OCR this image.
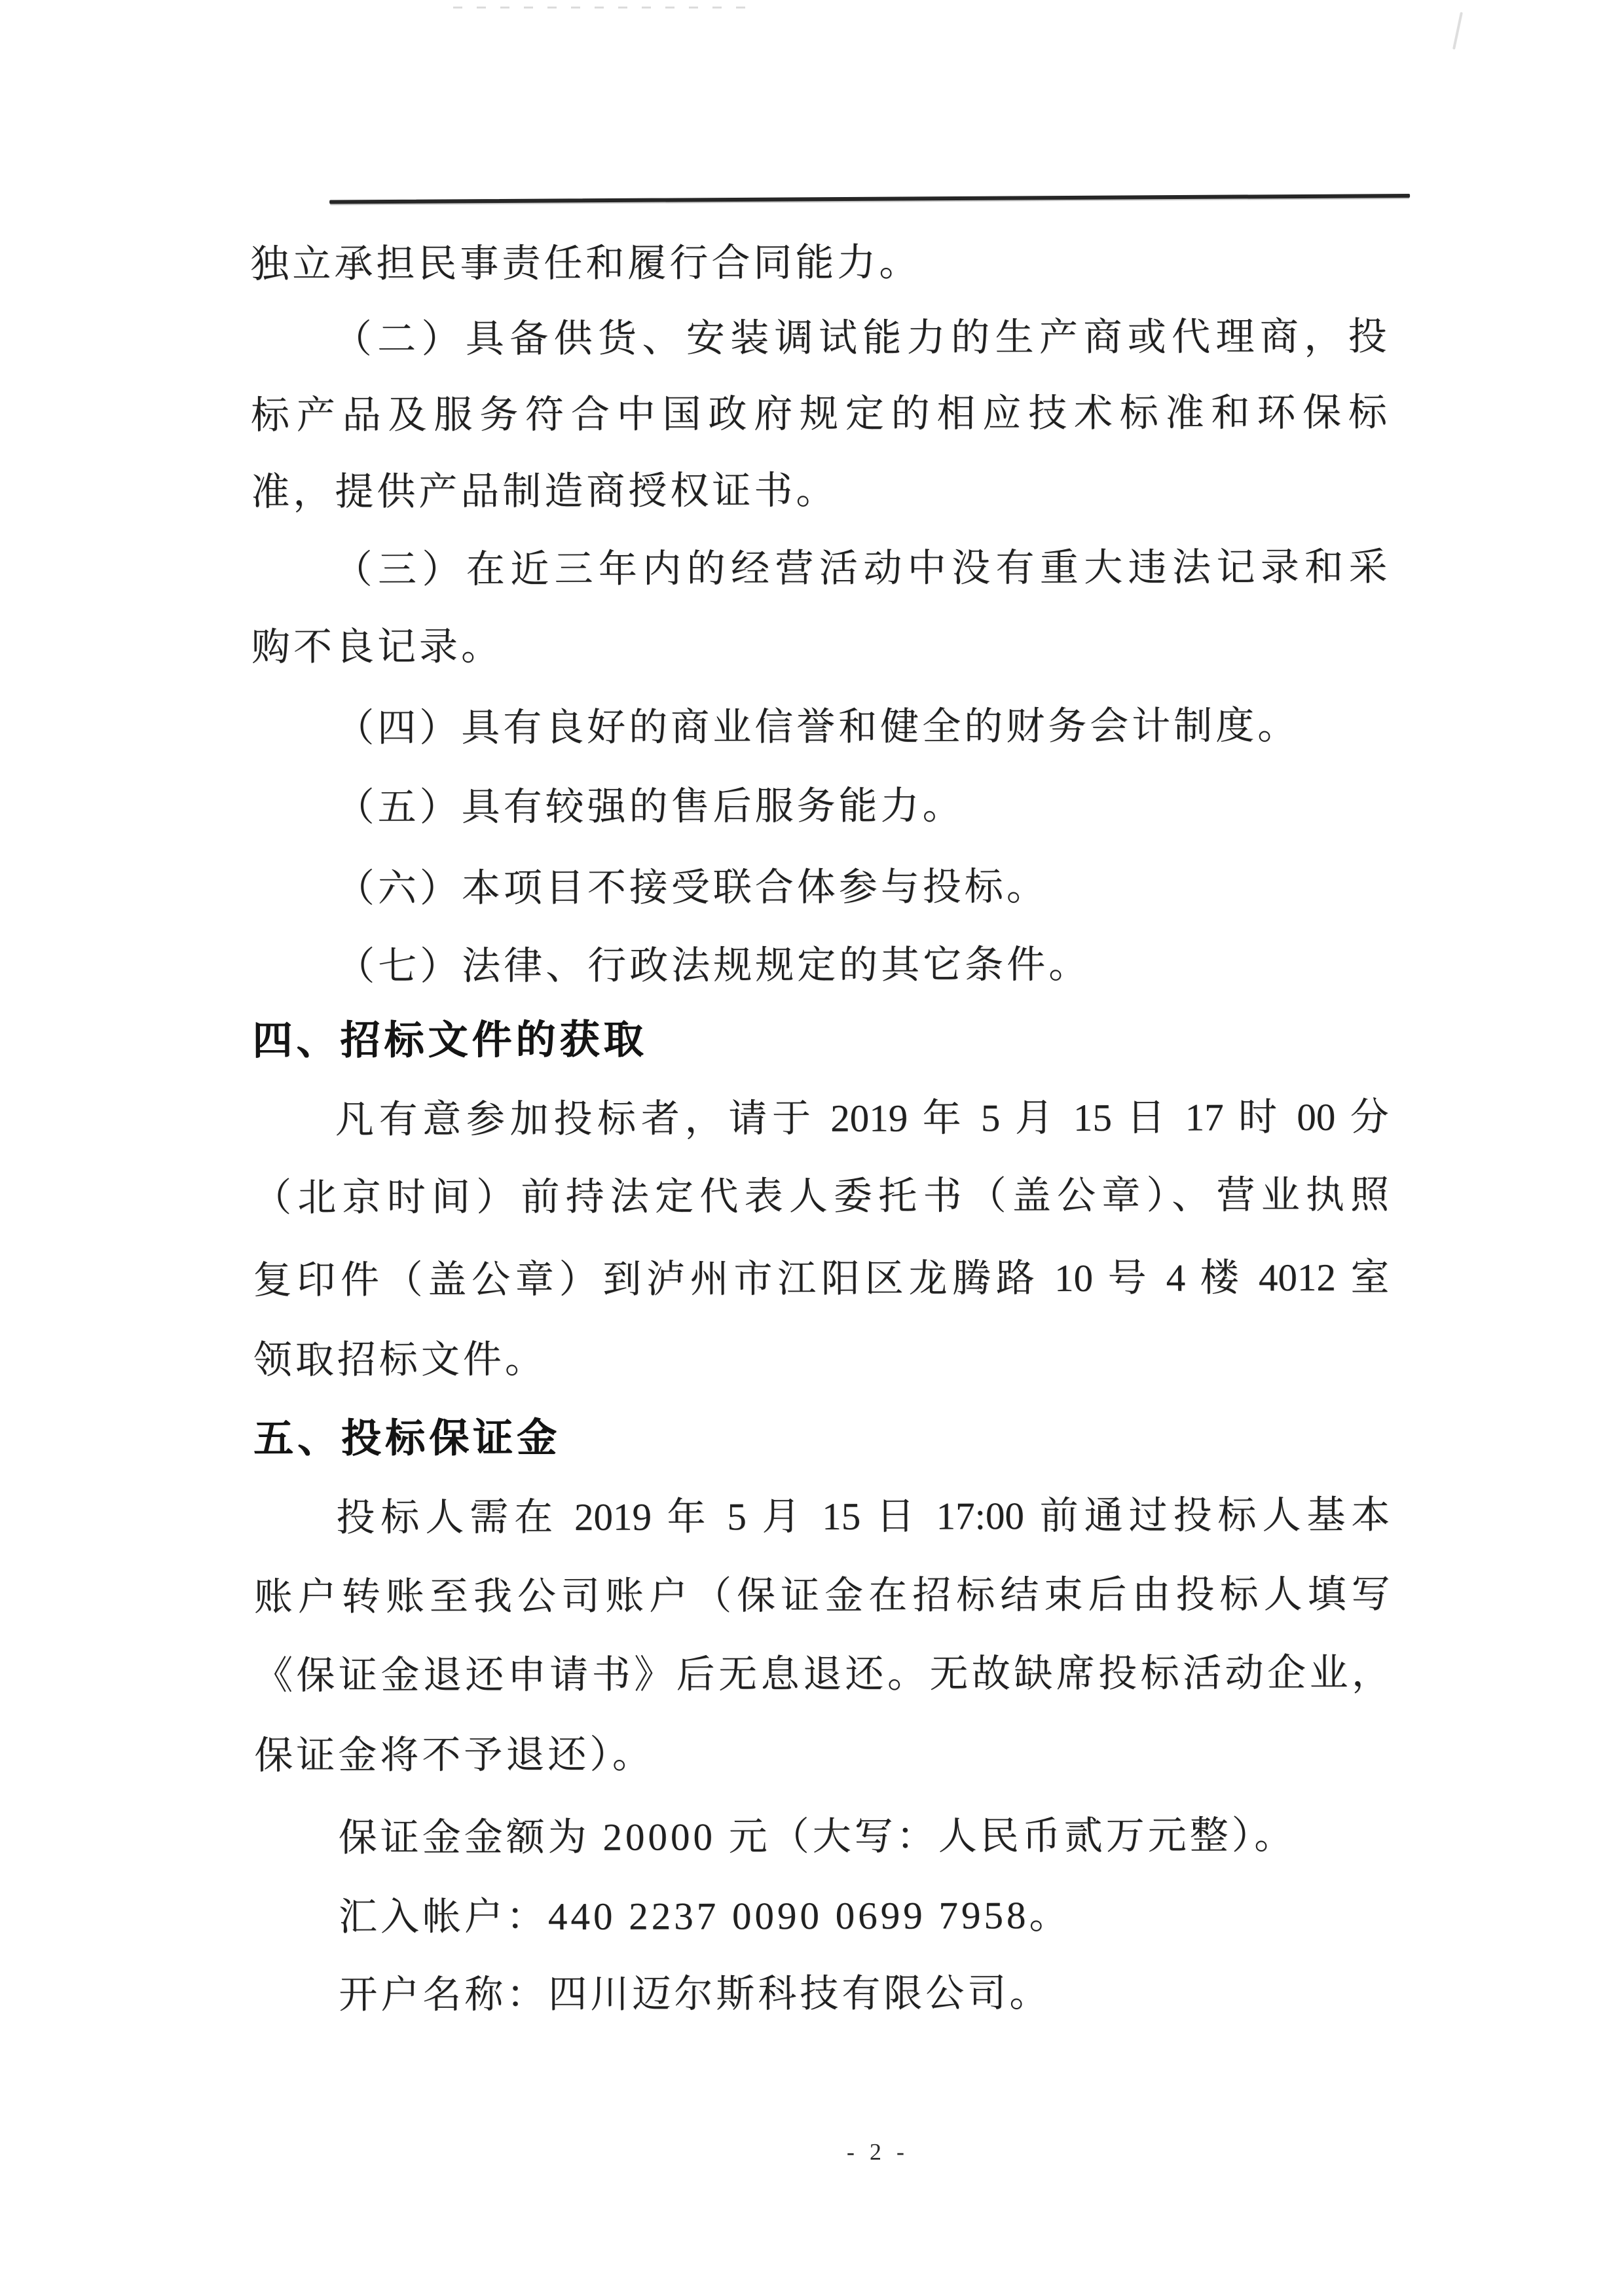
独立承担民事责任和履行合同能力。
（二）具备供货、安装调试能力的生产商或代理商，投
标产品及服务符合中国政府规定的相应技术标准和环保标
准，提供产品制造商授权证书。
（三）在近三年内的经营活动中没有重大违法记录和采
购不良记录。
（四）具有良好的商业信誉和健全的财务会计制度。
（五）具有较强的售后服务能力。
（六）本项目不接受联合体参与投标。
（七）法律、行政法规规定的其它条件。
四、招标文件的获取
凡有意参加投标者，请于 2019 年 5 月 15 日 17 时 00 分
（北京时间）前持法定代表人委托书（盖公章）、营业执照
复印件（盖公章）到泸州市江阳区龙腾路 10 号 4 楼 4012 室
领取招标文件。
五、投标保证金
投标人需在 2019 年 5 月 15 日 17:00 前通过投标人基本
账户转账至我公司账户（保证金在招标结束后由投标人填写
《保证金退还申请书》后无息退还。无故缺席投标活动企业，
保证金将不予退还）。
保证金金额为 20000 元（大写：人民币贰万元整）。
汇入帐户：440 2237 0090 0699 7958。
开户名称：四川迈尔斯科技有限公司。
- 2 -
